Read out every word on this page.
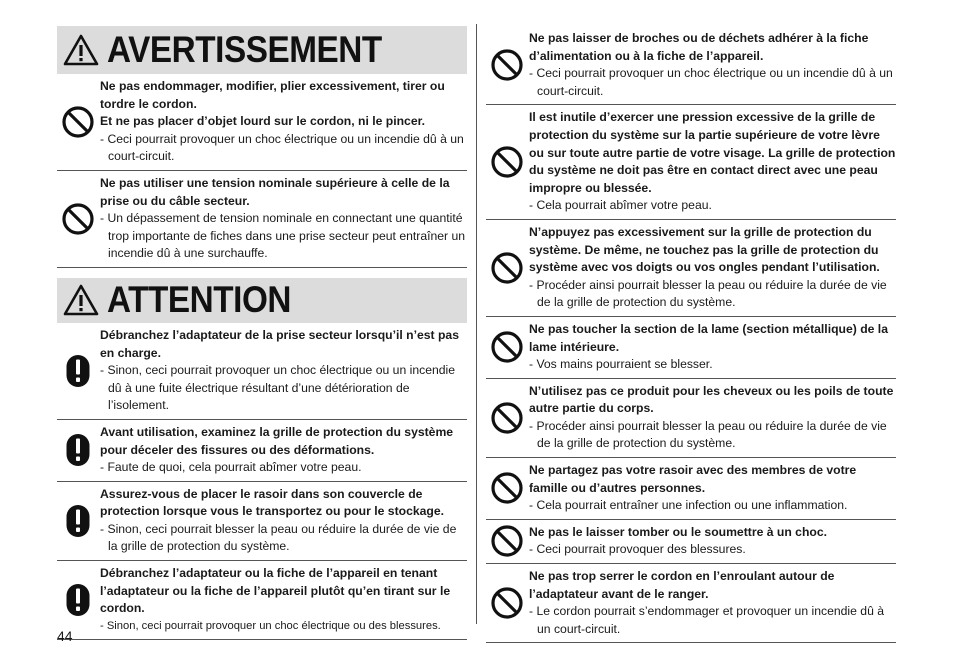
AVERTISSEMENT
Ne pas endommager, modifier, plier excessivement, tirer ou tordre le cordon.
Et ne pas placer d’objet lourd sur le cordon, ni le pincer.
- Ceci pourrait provoquer un choc électrique ou un incendie dû à un court-circuit.
Ne pas utiliser une tension nominale supérieure à celle de la prise ou du câble secteur.
- Un dépassement de tension nominale en connectant une quantité trop importante de fiches dans une prise secteur peut entraîner un incendie dû à une surchauffe.
ATTENTION
Débranchez l’adaptateur de la prise secteur lorsqu’il n’est pas en charge.
- Sinon, ceci pourrait provoquer un choc électrique ou un incendie dû à une fuite électrique résultant d’une détérioration de l’isolement.
Avant utilisation, examinez la grille de protection du système pour déceler des fissures ou des déformations.
- Faute de quoi, cela pourrait abîmer votre peau.
Assurez-vous de placer le rasoir dans son couvercle de protection lorsque vous le transportez ou pour le stockage.
- Sinon, ceci pourrait blesser la peau ou réduire la durée de vie de la grille de protection du système.
Débranchez l’adaptateur ou la fiche de l’appareil en tenant l’adaptateur ou la fiche de l’appareil plutôt qu’en tirant sur le cordon.
- Sinon, ceci pourrait provoquer un choc électrique ou des blessures.
Ne pas laisser de broches ou de déchets adhérer à la fiche d’alimentation ou à la fiche de l’appareil.
- Ceci pourrait provoquer un choc électrique ou un incendie dû à un court-circuit.
Il est inutile d’exercer une pression excessive de la grille de protection du système sur la partie supérieure de votre lèvre ou sur toute autre partie de votre visage. La grille de protection du système ne doit pas être en contact direct avec une peau impropre ou blessée.
- Cela pourrait abîmer votre peau.
N’appuyez pas excessivement sur la grille de protection du système. De même, ne touchez pas la grille de protection du système avec vos doigts ou vos ongles pendant l’utilisation.
- Procéder ainsi pourrait blesser la peau ou réduire la durée de vie de la grille de protection du système.
Ne pas toucher la section de la lame (section métallique) de la lame intérieure.
- Vos mains pourraient se blesser.
N’utilisez pas ce produit pour les cheveux ou les poils de toute autre partie du corps.
- Procéder ainsi pourrait blesser la peau ou réduire la durée de vie de la grille de protection du système.
Ne partagez pas votre rasoir avec des membres de votre famille ou d’autres personnes.
- Cela pourrait entraîner une infection ou une inflammation.
Ne pas le laisser tomber ou le soumettre à un choc.
- Ceci pourrait provoquer des blessures.
Ne pas trop serrer le cordon en l’enroulant autour de l’adaptateur avant de le ranger.
- Le cordon pourrait s’endommager et provoquer un incendie dû à un court-circuit.
44
